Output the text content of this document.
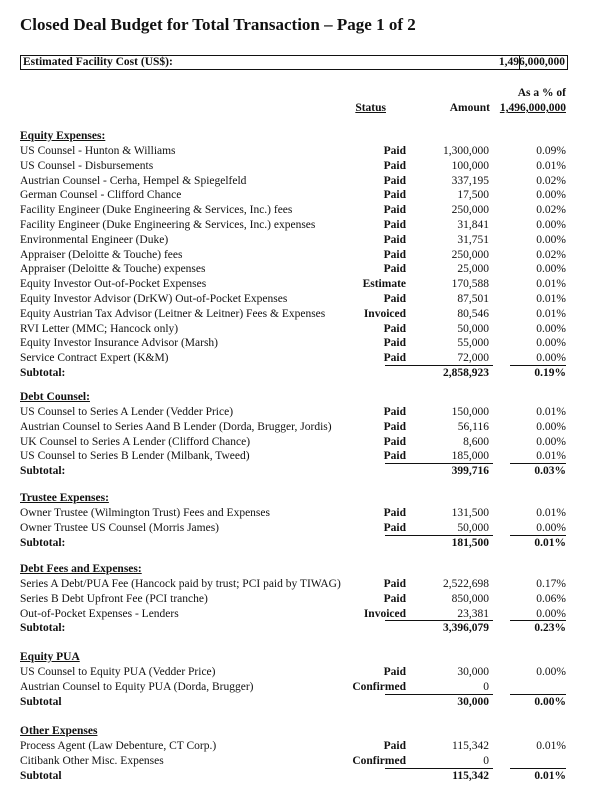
Closed Deal Budget for Total Transaction – Page 1 of 2
Estimated Facility Cost (US$):	1,496,000,000
As a % of
Status	Amount 1,496,000,000
Equity Expenses:
US Counsel - Hunton & Williams	Paid	1,300,000	0.09%
US Counsel - Disbursements	Paid	100,000	0.01%
Austrian Counsel - Cerha, Hempel & Spiegelfeld	Paid	337,195	0.02%
German Counsel - Clifford Chance	Paid	17,500	0.00%
Facility Engineer (Duke Engineering & Services, Inc.) fees	Paid	250,000	0.02%
Facility Engineer (Duke Engineering & Services, Inc.) expenses	Paid	31,841	0.00%
Environmental Engineer (Duke)	Paid	31,751	0.00%
Appraiser (Deloitte & Touche) fees	Paid	250,000	0.02%
Appraiser (Deloitte & Touche) expenses	Paid	25,000	0.00%
Equity Investor Out-of-Pocket Expenses	Estimate	170,588	0.01%
Equity Investor Advisor (DrKW) Out-of-Pocket Expenses	Paid	87,501	0.01%
Equity Austrian Tax Advisor (Leitner & Leitner) Fees & Expenses	Invoiced	80,546	0.01%
RVI Letter (MMC; Hancock only)	Paid	50,000	0.00%
Equity Investor Insurance Advisor (Marsh)	Paid	55,000	0.00%
Service Contract Expert (K&M)	Paid	72,000	0.00%
Subtotal:	2,858,923	0.19%
Debt Counsel:
US Counsel to Series A Lender (Vedder Price)	Paid	150,000	0.01%
Austrian Counsel to Series Aand B Lender (Dorda, Brugger, Jordis)	Paid	56,116	0.00%
UK Counsel to Series A Lender (Clifford Chance)	Paid	8,600	0.00%
US Counsel to Series B Lender (Milbank, Tweed)	Paid	185,000	0.01%
Subtotal:	399,716	0.03%
Trustee Expenses:
Owner Trustee (Wilmington Trust) Fees and Expenses	Paid	131,500	0.01%
Owner Trustee US Counsel (Morris James)	Paid	50,000	0.00%
Subtotal:	181,500	0.01%
Debt Fees and Expenses:
Series A Debt/PUA Fee (Hancock paid by trust; PCI paid by TIWAG)	Paid	2,522,698	0.17%
Series B Debt Upfront Fee (PCI tranche)	Paid	850,000	0.06%
Out-of-Pocket Expenses - Lenders	Invoiced	23,381	0.00%
Subtotal:	3,396,079	0.23%
Equity PUA
US Counsel to Equity PUA (Vedder Price)	Paid	30,000	0.00%
Austrian Counsel to Equity PUA (Dorda, Brugger)	Confirmed	0
Subtotal	30,000	0.00%
Other Expenses
Process Agent (Law Debenture, CT Corp.)	Paid	115,342	0.01%
Citibank Other Misc. Expenses	Confirmed	0
Subtotal	115,342	0.01%
